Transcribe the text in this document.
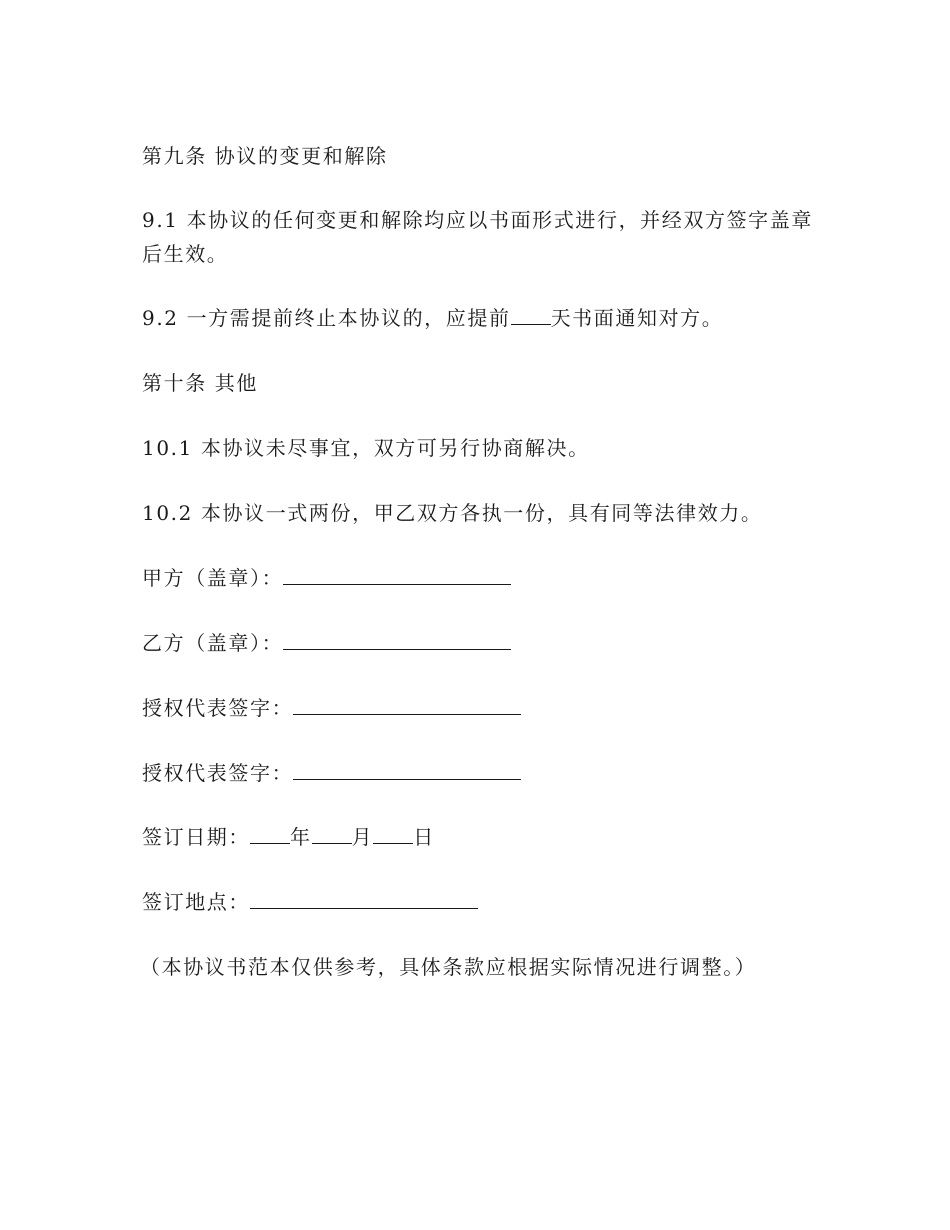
第九条 协议的变更和解除
9.1 本协议的任何变更和解除均应以书面形式进行，并经双方签字盖章后生效。
9.2 一方需提前终止本协议的，应提前 天书面通知对方。
第十条 其他
10.1 本协议未尽事宜，双方可另行协商解决。
10.2 本协议一式两份，甲乙双方各执一份，具有同等法律效力。
甲方（盖章）：
乙方（盖章）：
授权代表签字：
授权代表签字：
签订日期： 年 月 日
签订地点：
（本协议书范本仅供参考，具体条款应根据实际情况进行调整。）
